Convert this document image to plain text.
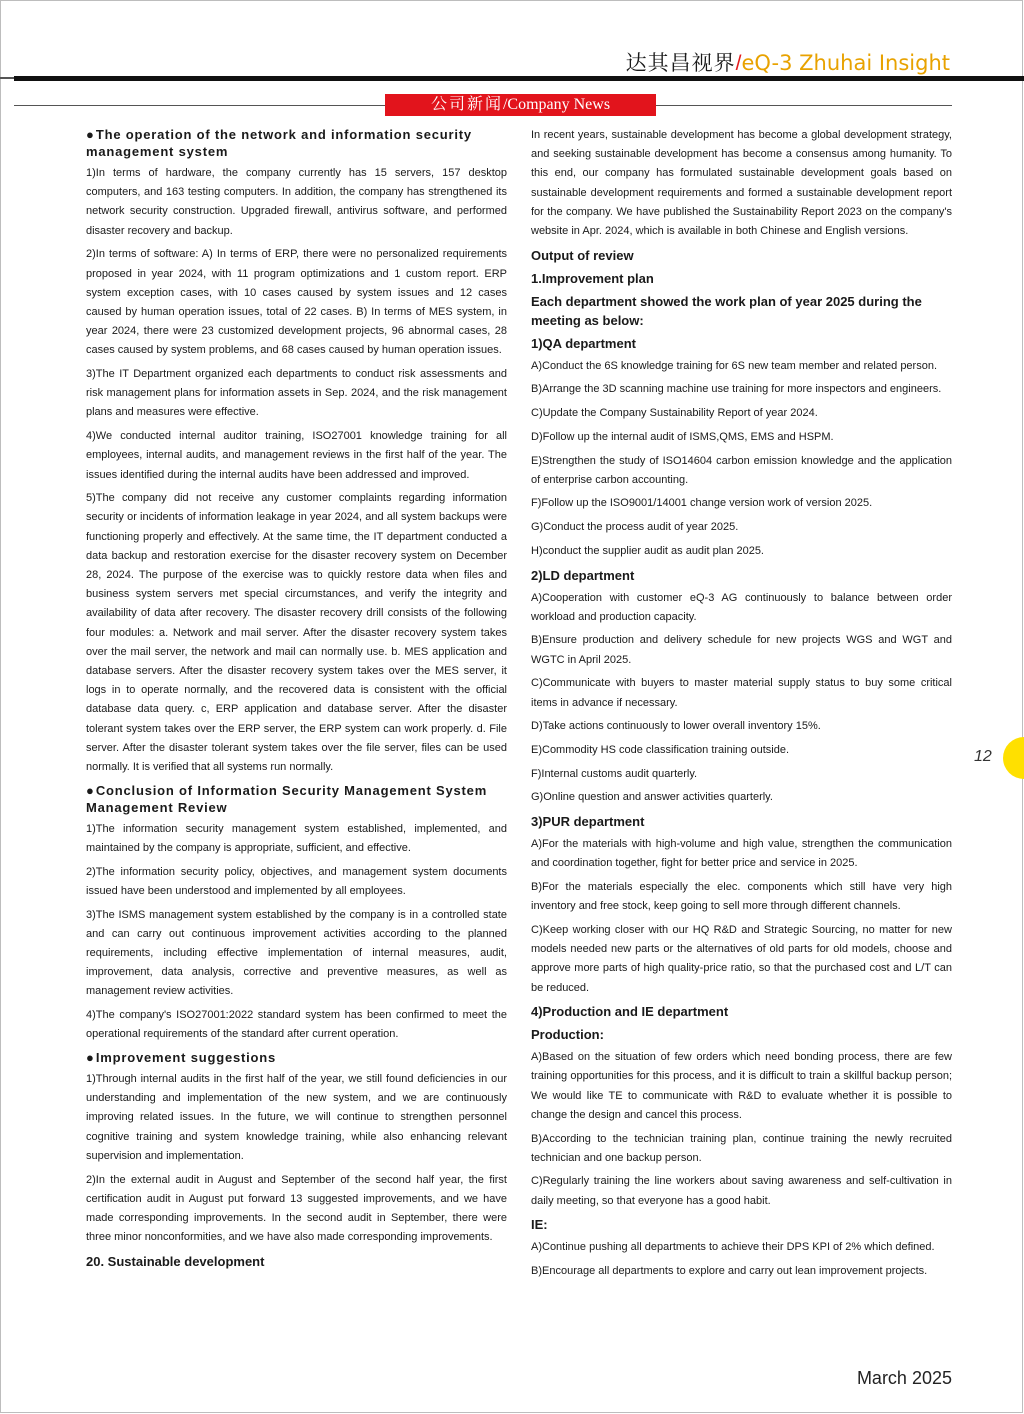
达其昌视界/eQ-3 Zhuhai Insight
公司新闻/Company News
● The operation of the network and information security management system

1)In terms of hardware, the company currently has 15 servers, 157 desktop computers, and 163 testing computers. In addition, the company has strengthened its network security construction. Upgraded firewall, antivirus software, and performed disaster recovery and backup.

2)In terms of software: A) In terms of ERP, there were no personalized requirements proposed in year 2024, with 11 program optimizations and 1 custom report. ERP system exception cases, with 10 cases caused by system issues and 12 cases caused by human operation issues, total of 22 cases. B) In terms of MES system, in year 2024, there were 23 customized development projects, 96 abnormal cases, 28 cases caused by system problems, and 68 cases caused by human operation issues.

3)The IT Department organized each departments to conduct risk assessments and risk management plans for information assets in Sep. 2024, and the risk management plans and measures were effective.

4)We conducted internal auditor training, ISO27001 knowledge training for all employees, internal audits, and management reviews in the first half of the year. The issues identified during the internal audits have been addressed and improved.

5)The company did not receive any customer complaints regarding information security or incidents of information leakage in year 2024, and all system backups were functioning properly and effectively. At the same time, the IT department conducted a data backup and restoration exercise for the disaster recovery system on December 28, 2024. The purpose of the exercise was to quickly restore data when files and business system servers met special circumstances, and verify the integrity and availability of data after recovery. The disaster recovery drill consists of the following four modules: a. Network and mail server. After the disaster recovery system takes over the mail server, the network and mail can normally use. b. MES application and database servers. After the disaster recovery system takes over the MES server, it logs in to operate normally, and the recovered data is consistent with the official database data query. c, ERP application and database server. After the disaster tolerant system takes over the ERP server, the ERP system can work properly. d. File server. After the disaster tolerant system takes over the file server, files can be used normally. It is verified that all systems run normally.

● Conclusion of Information Security Management System Management Review

1)The information security management system established, implemented, and maintained by the company is appropriate, sufficient, and effective.

2)The information security policy, objectives, and management system documents issued have been understood and implemented by all employees.

3)The ISMS management system established by the company is in a controlled state and can carry out continuous improvement activities according to the planned requirements, including effective implementation of internal measures, audit, improvement, data analysis, corrective and preventive measures, as well as management review activities.

4)The company's ISO27001:2022 standard system has been confirmed to meet the operational requirements of the standard after current operation.

● Improvement suggestions

1)Through internal audits in the first half of the year, we still found deficiencies in our understanding and implementation of the new system, and we are continuously improving related issues. In the future, we will continue to strengthen personnel cognitive training and system knowledge training, while also enhancing relevant supervision and implementation.

2)In the external audit in August and September of the second half year, the first certification audit in August put forward 13 suggested improvements, and we have made corresponding improvements. In the second audit in September, there were three minor nonconformities, and we have also made corresponding improvements.

20. Sustainable development

In recent years, sustainable development has become a global development strategy, and seeking sustainable development has become a consensus among humanity. To this end, our company has formulated sustainable development goals based on sustainable development requirements and formed a sustainable development report for the company. We have published the Sustainability Report 2023 on the company's website in Apr. 2024, which is available in both Chinese and English versions.

Output of review
1.Improvement plan
Each department showed the work plan of year 2025 during the meeting as below:
1)QA department

A)Conduct the 6S knowledge training for 6S new team member and related person.

B)Arrange the 3D scanning machine use training for more inspectors and engineers.

C)Update the Company Sustainability Report of year 2024.

D)Follow up the internal audit of ISMS,QMS, EMS and HSPM.

E)Strengthen the study of ISO14604 carbon emission knowledge and the application of enterprise carbon accounting.

F)Follow up the ISO9001/14001 change version work of version 2025.

G)Conduct the process audit of year 2025.

H)conduct the supplier audit as audit plan 2025.

2)LD department

A)Cooperation with customer eQ-3 AG continuously to balance between order workload and production capacity.

B)Ensure production and delivery schedule for new projects WGS and WGT and WGTC in April 2025.

C)Communicate with buyers to master material supply status to buy some critical items in advance if necessary.

D)Take actions continuously to lower overall inventory 15%.

E)Commodity HS code classification training outside.

F)Internal customs audit quarterly.

G)Online question and answer activities quarterly.

3)PUR department

A)For the materials with high-volume and high value, strengthen the communication and coordination together, fight for better price and service in 2025.

B)For the materials especially the elec. components which still have very high inventory and free stock, keep going to sell more through different channels.

C)Keep working closer with our HQ R&D and Strategic Sourcing, no matter for new models needed new parts or the alternatives of old parts for old models, choose and approve more parts of high quality-price ratio, so that the purchased cost and L/T can be reduced.

4)Production and IE department
Production:

A)Based on the situation of few orders which need bonding process, there are few training opportunities for this process, and it is difficult to train a skillful backup person; We would like TE to communicate with R&D to evaluate whether it is possible to change the design and cancel this process.

B)According to the technician training plan, continue training the newly recruited technician and one backup person.

C)Regularly training the line workers about saving awareness and self-cultivation in daily meeting, so that everyone has a good habit.

IE:

A)Continue pushing all departments to achieve their DPS KPI of 2% which defined.

B)Encourage all departments to explore and carry out lean improvement projects.

12
March 2025
